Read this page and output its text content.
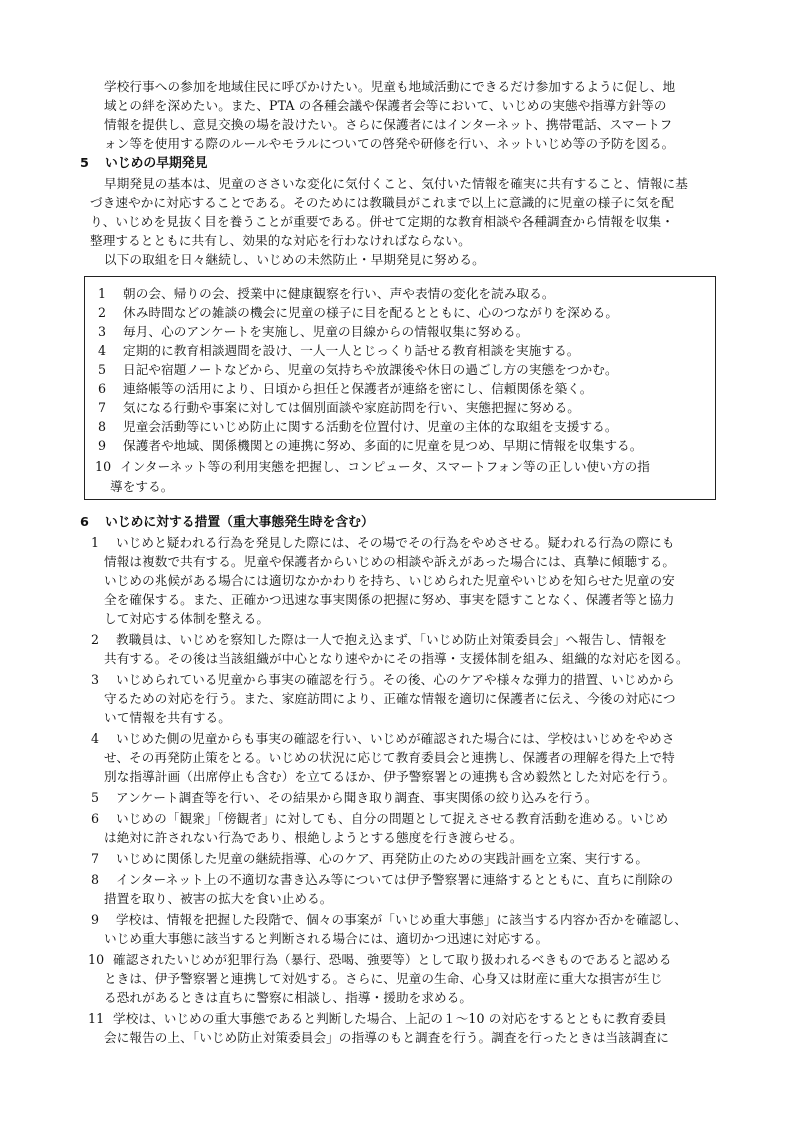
学校行事への参加を地域住民に呼びかけたい。児童も地域活動にできるだけ参加するように促し、地
域との絆を深めたい。また、PTA の各種会議や保護者会等において、いじめの実態や指導方針等の
情報を提供し、意見交換の場を設けたい。さらに保護者にはインターネット、携帯電話、スマートフ
ォン等を使用する際のルールやモラルについての啓発や研修を行い、ネットいじめ等の予防を図る。
5 いじめの早期発見
早期発見の基本は、児童のささいな変化に気付くこと、気付いた情報を確実に共有すること、情報に基
づき速やかに対応することである。そのためには教職員がこれまで以上に意識的に児童の様子に気を配
り、いじめを見抜く目を養うことが重要である。併せて定期的な教育相談や各種調査から情報を収集・
整理するとともに共有し、効果的な対応を行わなければならない。
以下の取組を日々継続し、いじめの未然防止・早期発見に努める。
1 朝の会、帰りの会、授業中に健康観察を行い、声や表情の変化を読み取る。
2 休み時間などの雑談の機会に児童の様子に目を配るとともに、心のつながりを深める。
3 毎月、心のアンケートを実施し、児童の目線からの情報収集に努める。
4 定期的に教育相談週間を設け、一人一人とじっくり話せる教育相談を実施する。
5 日記や宿題ノートなどから、児童の気持ちや放課後や休日の過ごし方の実態をつかむ。
6 連絡帳等の活用により、日頃から担任と保護者が連絡を密にし、信頼関係を築く。
7 気になる行動や事案に対しては個別面談や家庭訪問を行い、実態把握に努める。
8 児童会活動等にいじめ防止に関する活動を位置付け、児童の主体的な取組を支援する。
9 保護者や地域、関係機関との連携に努め、多面的に児童を見つめ、早期に情報を収集する。
10 インターネット等の利用実態を把握し、コンピュータ、スマートフォン等の正しい使い方の指
導をする。
6 いじめに対する措置（重大事態発生時を含む）
1 いじめと疑われる行為を発見した際には、その場でその行為をやめさせる。疑われる行為の際にも
情報は複数で共有する。児童や保護者からいじめの相談や訴えがあった場合には、真摯に傾聴する。
いじめの兆候がある場合には適切なかかわりを持ち、いじめられた児童やいじめを知らせた児童の安
全を確保する。また、正確かつ迅速な事実関係の把握に努め、事実を隠すことなく、保護者等と協力
して対応する体制を整える。
2 教職員は、いじめを察知した際は一人で抱え込まず、「いじめ防止対策委員会」へ報告し、情報を
共有する。その後は当該組織が中心となり速やかにその指導・支援体制を組み、組織的な対応を図る。
3 いじめられている児童から事実の確認を行う。その後、心のケアや様々な弾力的措置、いじめから
守るための対応を行う。また、家庭訪問により、正確な情報を適切に保護者に伝え、今後の対応につ
いて情報を共有する。
4 いじめた側の児童からも事実の確認を行い、いじめが確認された場合には、学校はいじめをやめさ
せ、その再発防止策をとる。いじめの状況に応じて教育委員会と連携し、保護者の理解を得た上で特
別な指導計画（出席停止も含む）を立てるほか、伊予警察署との連携も含め毅然とした対応を行う。
5 アンケート調査等を行い、その結果から聞き取り調査、事実関係の絞り込みを行う。
6 いじめの「観衆」「傍観者」に対しても、自分の問題として捉えさせる教育活動を進める。いじめ
は絶対に許されない行為であり、根絶しようとする態度を行き渡らせる。
7 いじめに関係した児童の継続指導、心のケア、再発防止のための実践計画を立案、実行する。
8 インターネット上の不適切な書き込み等については伊予警察署に連絡するとともに、直ちに削除の
措置を取り、被害の拡大を食い止める。
9 学校は、情報を把握した段階で、個々の事案が「いじめ重大事態」に該当する内容か否かを確認し、
いじめ重大事態に該当すると判断される場合には、適切かつ迅速に対応する。
10 確認されたいじめが犯罪行為（暴行、恐喝、強要等）として取り扱われるべきものであると認める
ときは、伊予警察署と連携して対処する。さらに、児童の生命、心身又は財産に重大な損害が生じ
る恐れがあるときは直ちに警察に相談し、指導・援助を求める。
11 学校は、いじめの重大事態であると判断した場合、上記の１～10 の対応をするとともに教育委員
会に報告の上、「いじめ防止対策委員会」の指導のもと調査を行う。調査を行ったときは当該調査に
